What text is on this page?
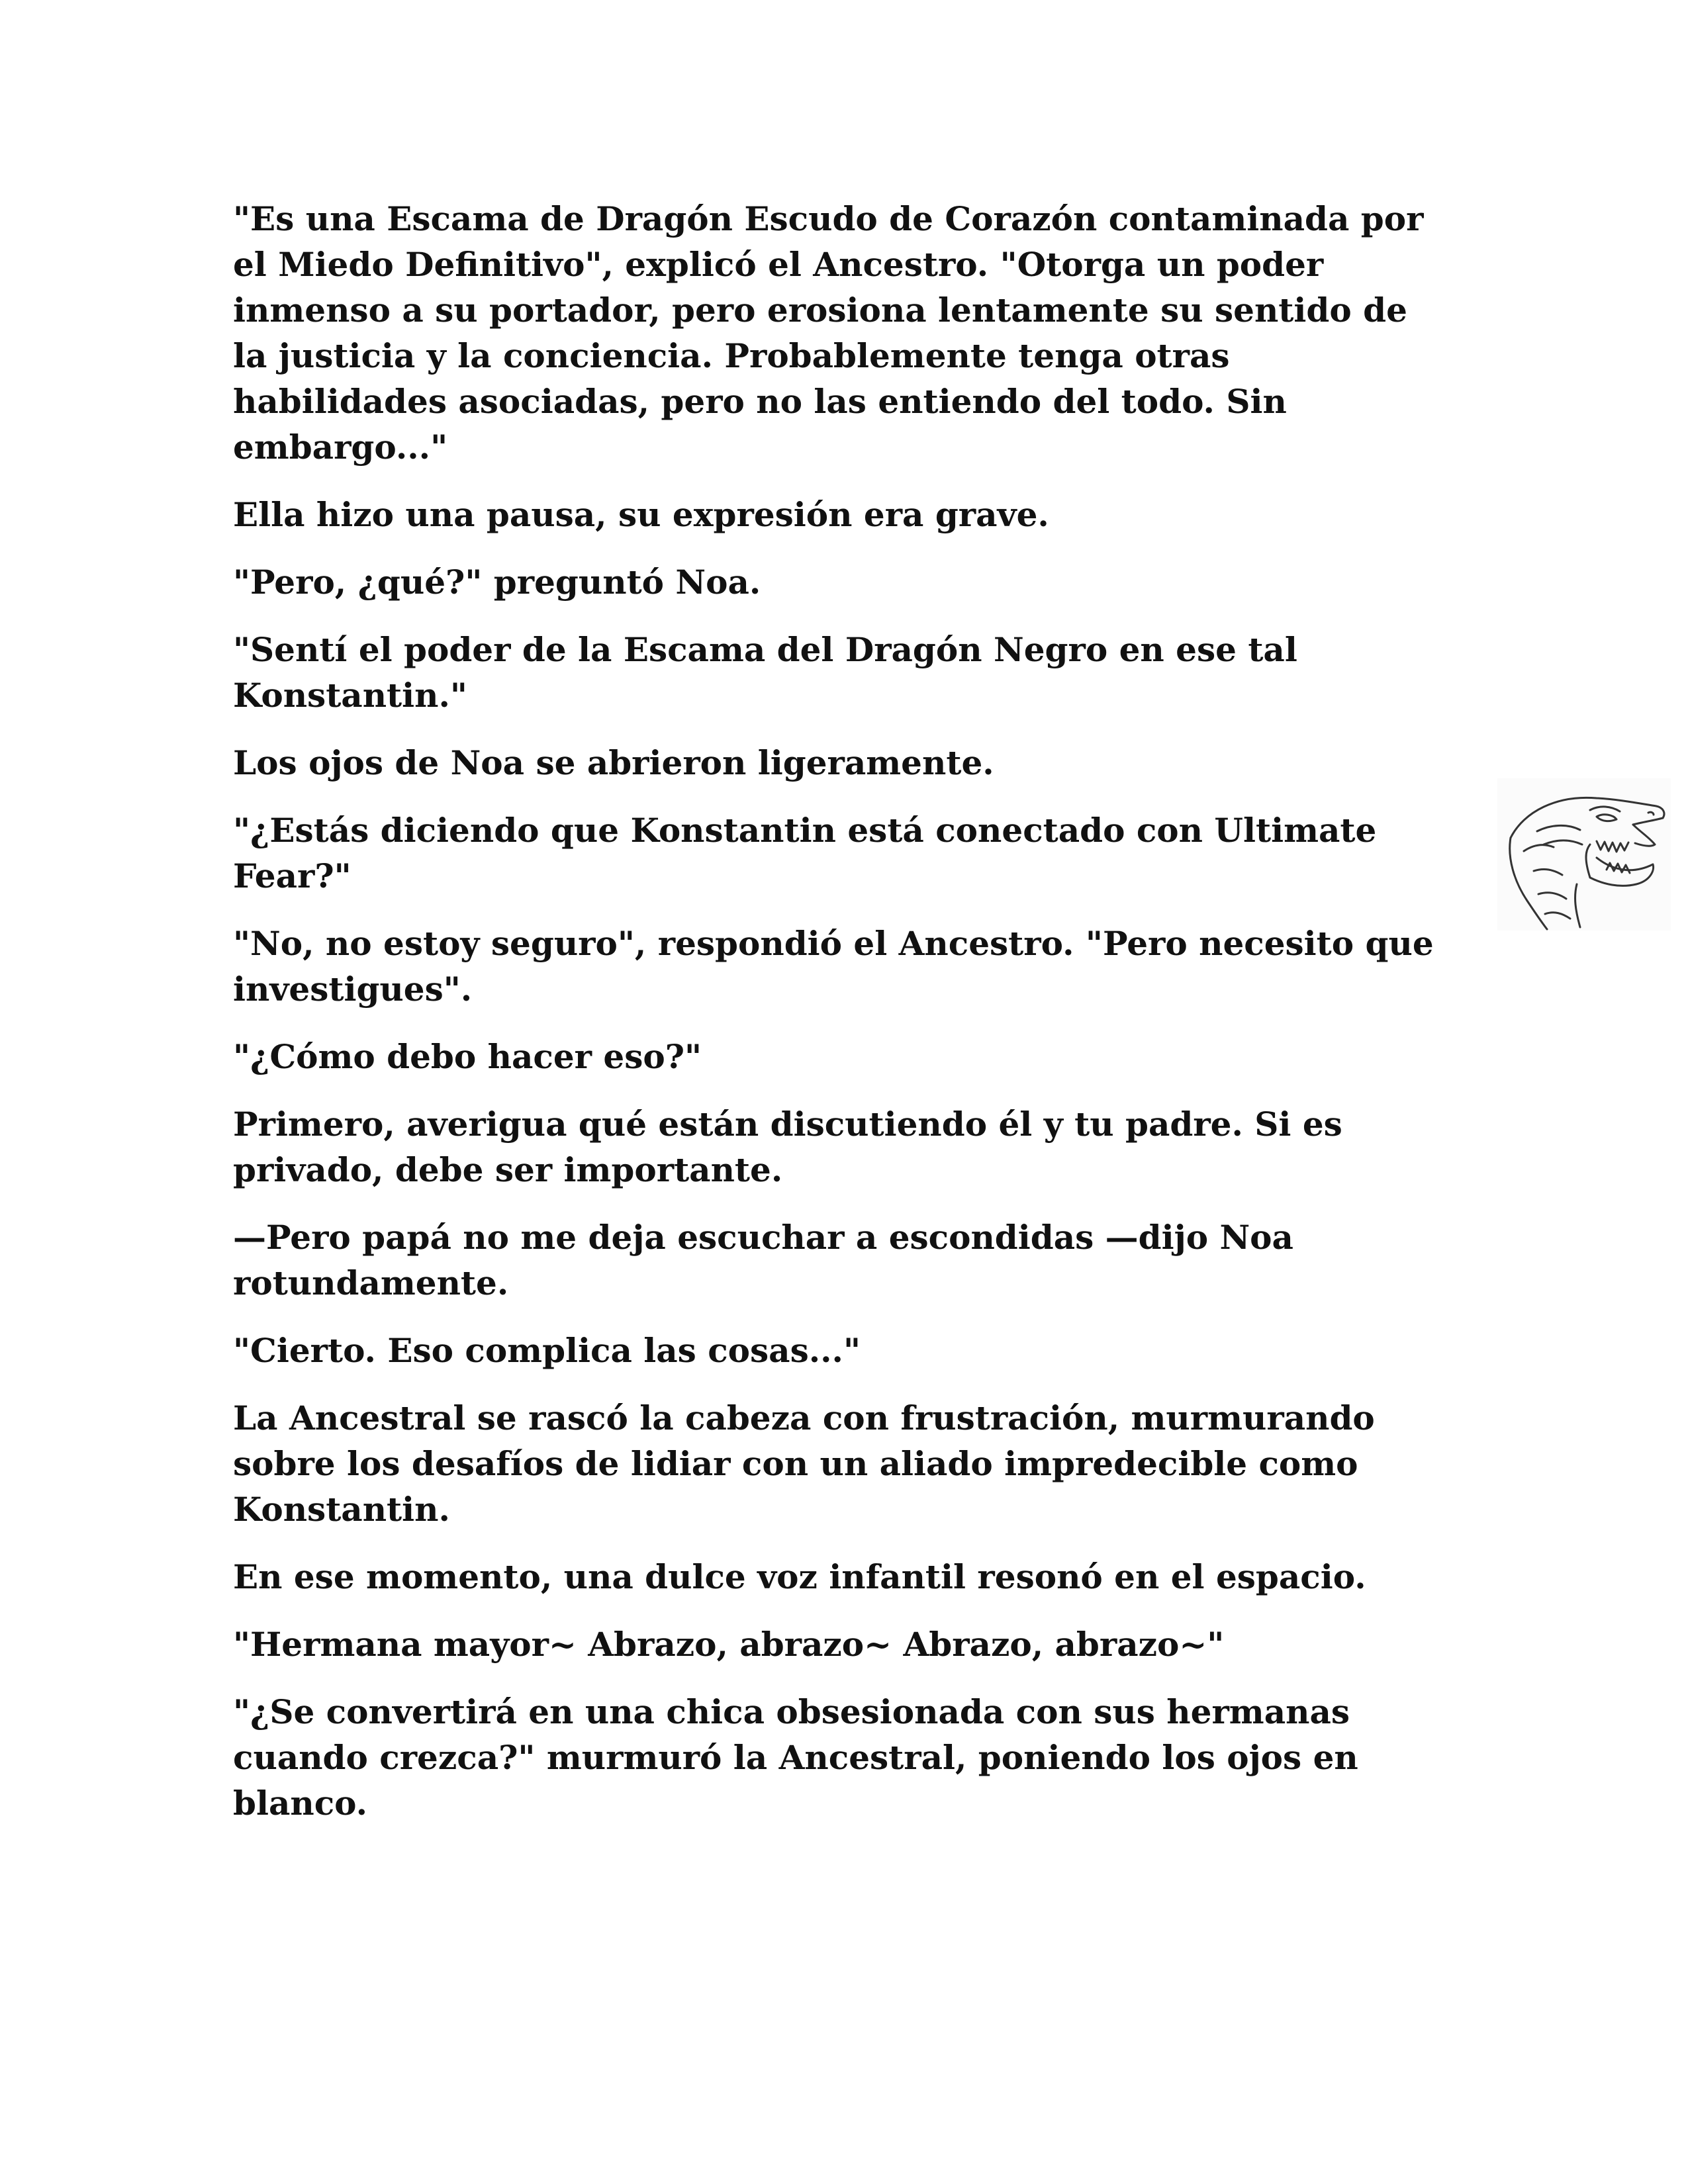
"Es una Escama de Dragón Escudo de Corazón contaminada por el Miedo Definitivo", explicó el Ancestro. "Otorga un poder inmenso a su portador, pero erosiona lentamente su sentido de la justicia y la conciencia. Probablemente tenga otras habilidades asociadas, pero no las entiendo del todo. Sin embargo..."

Ella hizo una pausa, su expresión era grave.

"Pero, ¿qué?" preguntó Noa.

"Sentí el poder de la Escama del Dragón Negro en ese tal Konstantin."

Los ojos de Noa se abrieron ligeramente.

"¿Estás diciendo que Konstantin está conectado con Ultimate Fear?"

"No, no estoy seguro", respondió el Ancestro. "Pero necesito que investigues".

"¿Cómo debo hacer eso?"

Primero, averigua qué están discutiendo él y tu padre. Si es privado, debe ser importante.

—Pero papá no me deja escuchar a escondidas —dijo Noa rotundamente.

"Cierto. Eso complica las cosas..."

La Ancestral se rascó la cabeza con frustración, murmurando sobre los desafíos de lidiar con un aliado impredecible como Konstantin.

En ese momento, una dulce voz infantil resonó en el espacio.

"Hermana mayor~ Abrazo, abrazo~ Abrazo, abrazo~"

"¿Se convertirá en una chica obsesionada con sus hermanas cuando crezca?" murmuró la Ancestral, poniendo los ojos en blanco.
